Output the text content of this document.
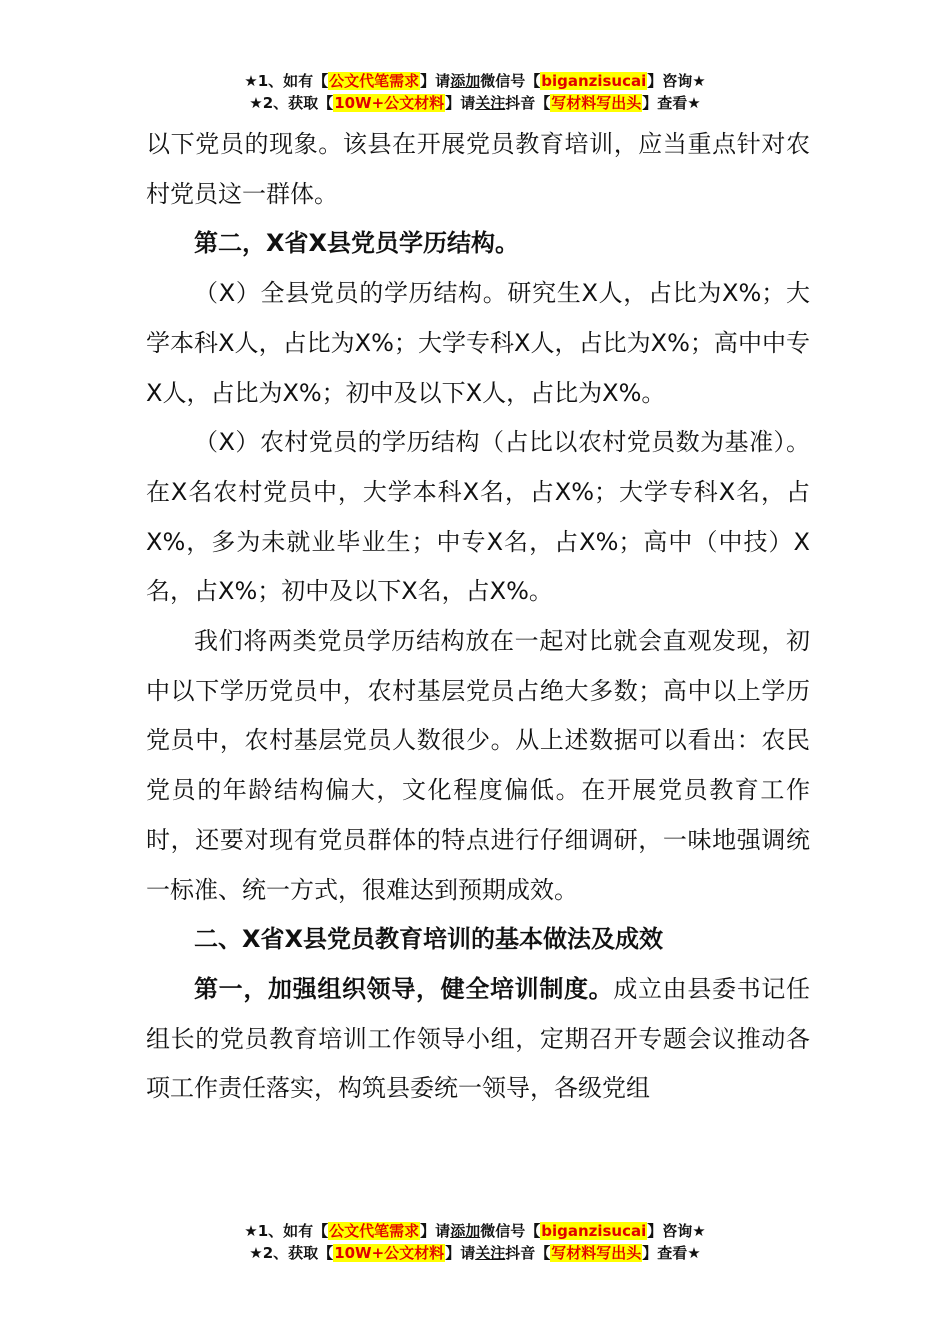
★1、如有【公文代笔需求】请添加微信号【biganzisucai】咨询★
★2、获取【10W+公文材料】请关注抖音【写材料写出头】查看★

以下党员的现象。该县在开展党员教育培训，应当重点针对农村党员这一群体。

第二，X省X县党员学历结构。

（X）全县党员的学历结构。研究生X人，占比为X%；大学本科X人，占比为X%；大学专科X人，占比为X%；高中中专X人，占比为X%；初中及以下X人，占比为X%。

（X）农村党员的学历结构（占比以农村党员数为基准）。在X名农村党员中，大学本科X名，占X%；大学专科X名，占X%，多为未就业毕业生；中专X名，占X%；高中（中技）X名，占X%；初中及以下X名，占X%。

我们将两类党员学历结构放在一起对比就会直观发现，初中以下学历党员中，农村基层党员占绝大多数；高中以上学历党员中，农村基层党员人数很少。从上述数据可以看出：农民党员的年龄结构偏大，文化程度偏低。在开展党员教育工作时，还要对现有党员群体的特点进行仔细调研，一味地强调统一标准、统一方式，很难达到预期成效。

二、X省X县党员教育培训的基本做法及成效

第一，加强组织领导，健全培训制度。成立由县委书记任组长的党员教育培训工作领导小组，定期召开专题会议推动各项工作责任落实，构筑县委统一领导，各级党组

★1、如有【公文代笔需求】请添加微信号【biganzisucai】咨询★
★2、获取【10W+公文材料】请关注抖音【写材料写出头】查看★
